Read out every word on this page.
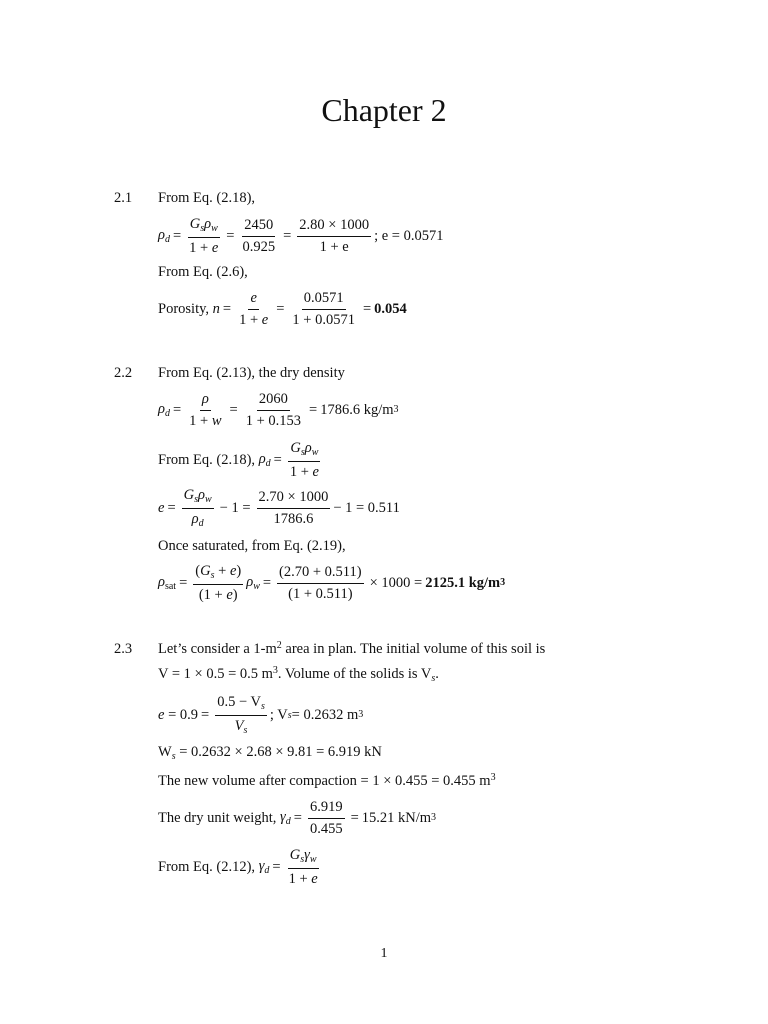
Chapter 2
2.1 From Eq. (2.18),
$\rho_d = \frac{G_s\rho_w}{1 + e} = \frac{2450}{0.925} = \frac{2.80 \times 1000}{1 + e}$ ; e = 0.0571
From Eq. (2.6),
Porosity,
$n = \frac{e}{1 + e} = \frac{0.0571}{1 + 0.0571} = 0.054$
2.2 From Eq. (2.13), the dry density
$\rho_d = \frac{\rho}{1 + w} = \frac{2060}{1 + 0.153} = 1786.6$ kg/m 3
From Eq. (2.18),
$\rho_d = \frac{G_s\rho_w}{1 + e}$
$e = \frac{G_s\rho_w}{\rho_d} - 1 = \frac{2.70 \times 1000}{1786.6} - 1 = 0.511$
Once saturated, from Eq. (2.19),
$\rho_{sat} = \frac{(G_s + e)}{(1 + e)} \rho_w = \frac{(2.70 + 0.511)}{(1 + 0.511)} \times 1000 = 2125.1$ kg/m 3
2.3 Let’s consider a $1-m^2$ area in plan. The initial volume of this soil is
V = 1 × 0.5 = 0.5 $m^3$. Volume of the solids is $V_s$.
$e = 0.9 = \frac{0.5 - V_s}{V_s}$ ; V s = 0.2632 m 3
$W_s = 0.2632 \times 2.68 \times 9.81 = 6.919$ kN
The new volume after compaction = 1 × 0.455 = 0.455 $m^3$
The dry unit weight,
$\gamma_d = \frac{6.919}{0.455} = 15.21$ kN/m 3
From Eq. (2.12),
$\gamma_d = \frac{G_s\gamma_w}{1 + e}$
1
